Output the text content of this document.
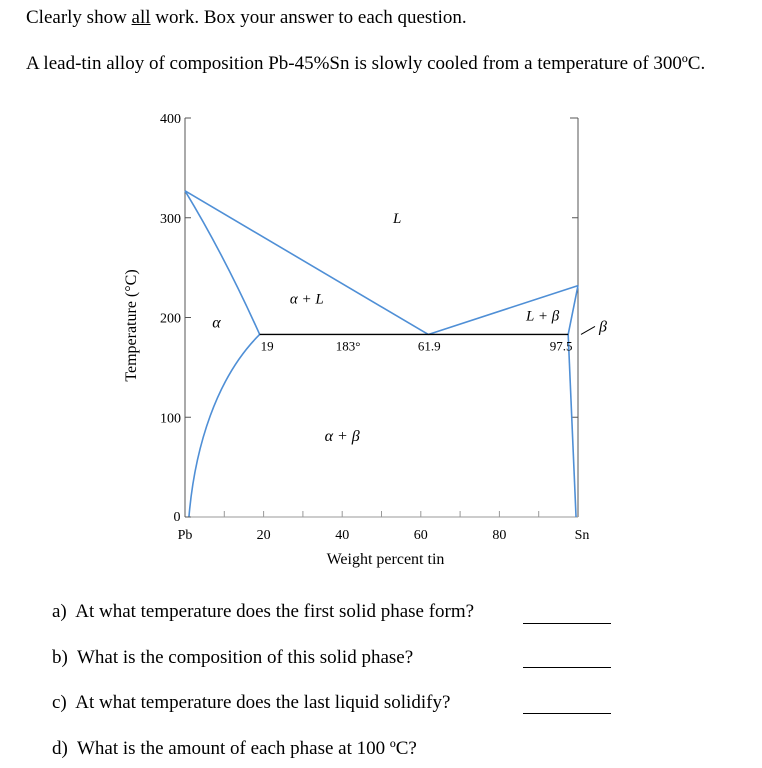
Clearly show all work. Box your answer to each question.

A lead-tin alloy of composition Pb-45%Sn is slowly cooled from a temperature of 300ºC.

0
100
200
300
400
20	40	60	80
Pb	Sn
Weight percent tin
Temperature (°C)
L
α + L
α	L + β
β
α + β
19	183°	61.9	97.5
a) At what temperature does the first solid phase form?
b) What is the composition of this solid phase?
c) At what temperature does the last liquid solidify?
d) What is the amount of each phase at 100 ºC?
